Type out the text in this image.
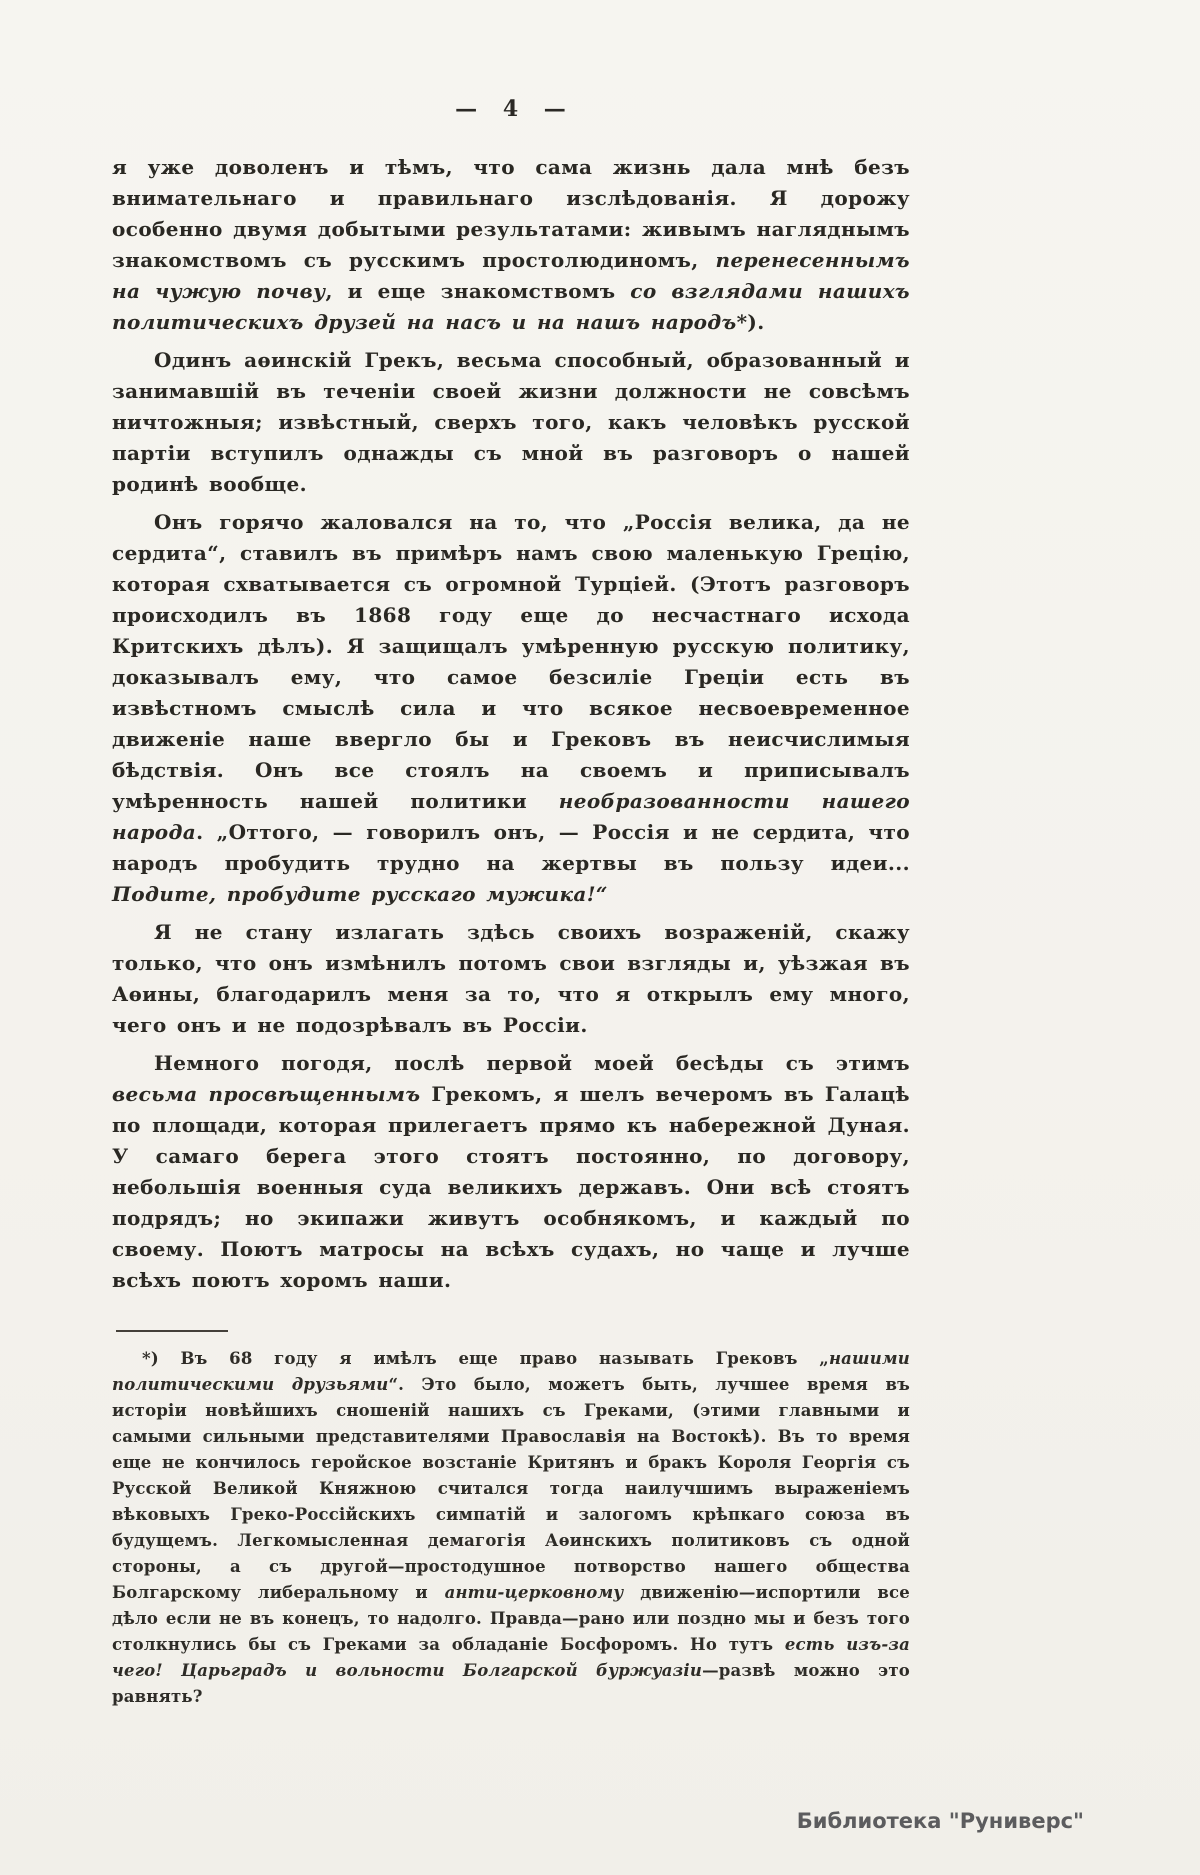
— 4 —

я уже доволенъ и тѣмъ, что сама жизнь дала мнѣ безъ внимательнаго и правильнаго изслѣдованія. Я дорожу особенно двумя добытыми результатами: живымъ нагляднымъ знакомствомъ съ русскимъ простолюдиномъ, перенесеннымъ на чужую почву, и еще знакомствомъ со взглядами нашихъ политическихъ друзей на насъ и на нашъ народъ*).

Одинъ аѳинскій Грекъ, весьма способный, образованный и занимавшій въ теченіи своей жизни должности не совсѣмъ ничтожныя; извѣстный, сверхъ того, какъ человѣкъ русской партіи вступилъ однажды съ мной въ разговоръ о нашей родинѣ вообще.

Онъ горячо жаловался на то, что „Россія велика, да не сердита“, ставилъ въ примѣръ намъ свою маленькую Грецію, которая схватывается съ огромной Турціей. (Этотъ разговоръ происходилъ въ 1868 году еще до несчастнаго исхода Критскихъ дѣлъ). Я защищалъ умѣренную русскую политику, доказывалъ ему, что самое безсиліе Греціи есть въ извѣстномъ смыслѣ сила и что всякое несвоевременное движеніе наше ввергло бы и Грековъ въ неисчислимыя бѣдствія. Онъ все стоялъ на своемъ и приписывалъ умѣренность нашей политики необразованности нашего народа. „Оттого, — говорилъ онъ, — Россія и не сердита, что народъ пробудить трудно на жертвы въ пользу идеи... Подите, пробудите русскаго мужика!“

Я не стану излагать здѣсь своихъ возраженій, скажу только, что онъ измѣнилъ потомъ свои взгляды и, уѣзжая въ Аѳины, благодарилъ меня за то, что я открылъ ему много, чего онъ и не подозрѣвалъ въ Россіи.

Немного погодя, послѣ первой моей бесѣды съ этимъ весьма просвѣщеннымъ Грекомъ, я шелъ вечеромъ въ Галацѣ по площади, которая прилегаетъ прямо къ набережной Дуная. У самаго берега этого стоятъ постоянно, по договору, небольшія военныя суда великихъ державъ. Они всѣ стоятъ подрядъ; но экипажи живутъ особнякомъ, и каждый по своему. Поютъ матросы на всѣхъ судахъ, но чаще и лучше всѣхъ поютъ хоромъ наши.

*) Въ 68 году я имѣлъ еще право называть Грековъ „нашими политическими друзьями“. Это было, можетъ быть, лучшее время въ исторіи новѣйшихъ сношеній нашихъ съ Греками, (этими главными и самыми сильными представителями Православія на Востокѣ). Въ то время еще не кончилось геройское возстаніе Критянъ и бракъ Короля Георгія съ Русской Великой Княжною считался тогда наилучшимъ выраженіемъ вѣковыхъ Греко-Россійскихъ симпатій и залогомъ крѣпкаго союза въ будущемъ. Легкомысленная демагогія Аѳинскихъ политиковъ съ одной стороны, а съ другой—простодушное потворство нашего общества Болгарскому либеральному и анти-церковному движенію—испортили все дѣло если не въ конецъ, то надолго. Правда—рано или поздно мы и безъ того столкнулись бы съ Греками за обладаніе Босфоромъ. Но тутъ есть изъ-за чего! Царьградъ и вольности Болгарской буржуазіи—развѣ можно это равнять?

Библиотека "Руниверс"
